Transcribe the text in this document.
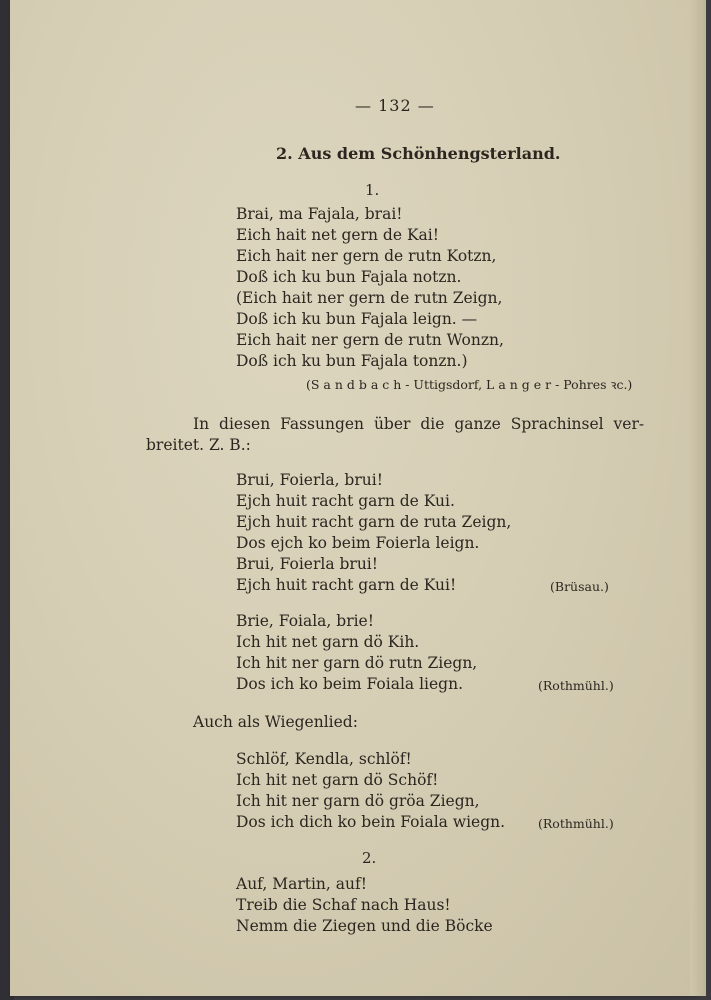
— 132 —
2. Aus dem Schönhengsterland.
1.
Brai, ma Fajala, brai!
Eich hait net gern de Kai!
Eich hait ner gern de rutn Kotzn,
Doß ich ku bun Fajala notzn.
(Eich hait ner gern de rutn Zeign,
Doß ich ku bun Fajala leign. —
Eich hait ner gern de rutn Wonzn,
Doß ich ku bun Fajala tonzn.)
(S a n d b a c h - Uttigsdorf, L a n g e r - Pohres ꝛc.)
In diesen Fassungen über die ganze Sprachinsel ver-
breitet. Z. B.:
Brui, Foierla, brui!
Ejch huit racht garn de Kui.
Ejch huit racht garn de ruta Zeign,
Dos ejch ko beim Foierla leign.
Brui, Foierla brui!
Ejch huit racht garn de Kui!	(Brüsau.)
Brie, Foiala, brie!
Ich hit net garn dö Kih.
Ich hit ner garn dö rutn Ziegn,
Dos ich ko beim Foiala liegn.	(Rothmühl.)
Auch als Wiegenlied:
Schlöf, Kendla, schlöf!
Ich hit net garn dö Schöf!
Ich hit ner garn dö gröa Ziegn,
Dos ich dich ko bein Foiala wiegn.	(Rothmühl.)
2.
Auf, Martin, auf!
Treib die Schaf nach Haus!
Nemm die Ziegen und die Böcke
